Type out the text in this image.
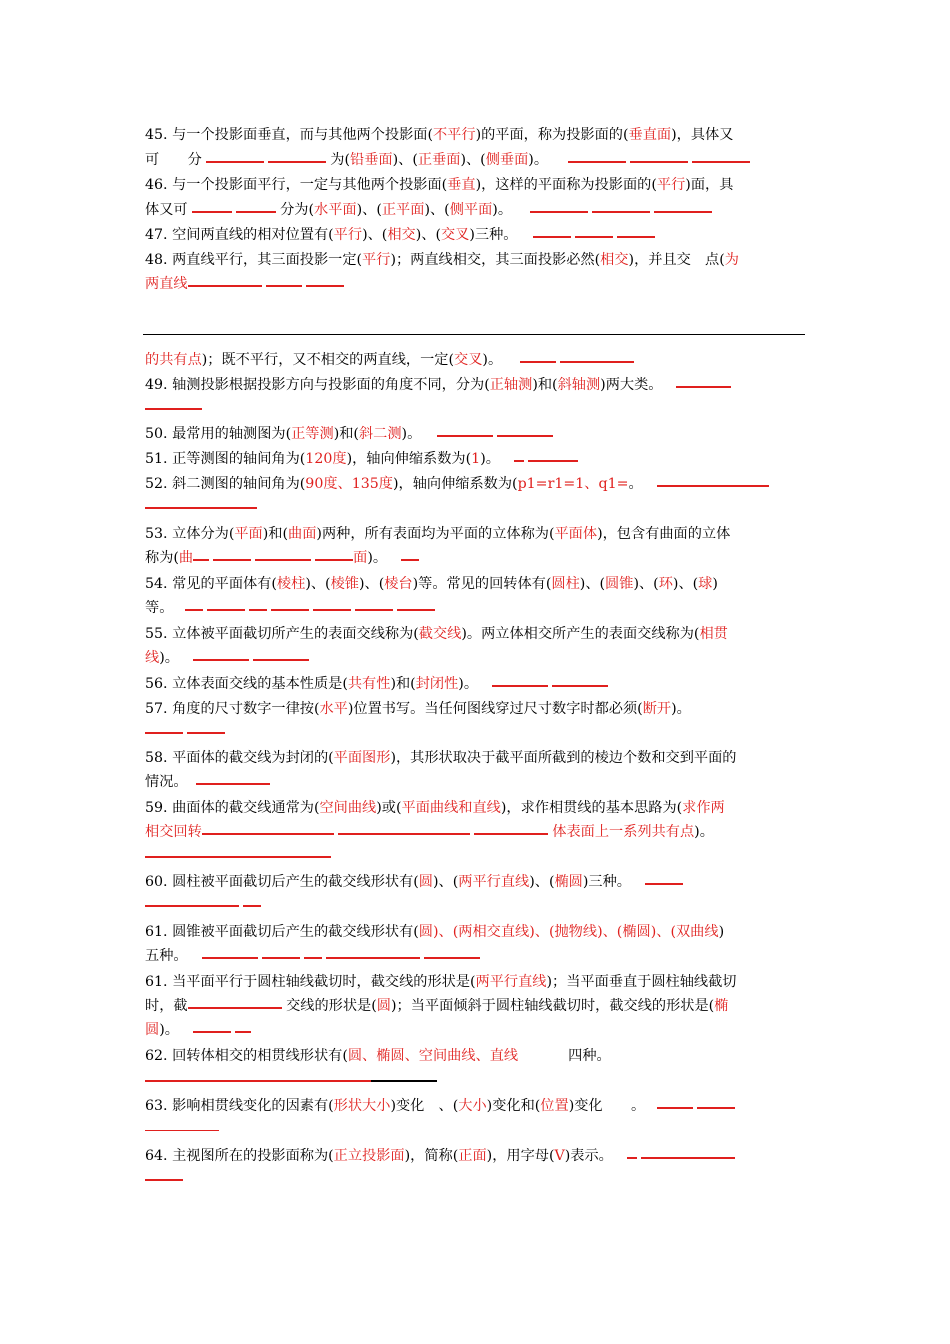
45. 与一个投影面垂直，而与其他两个投影面(不平行)的平面，称为投影面的(垂直面)，具体又
可　　分	为(铅垂面)、(正垂面)、(侧垂面)。
46. 与一个投影面平行，一定与其他两个投影面(垂直)，这样的平面称为投影面的(平行)面，具
体又可	分为(水平面)、(正平面)、(侧平面)。
47. 空间两直线的相对位置有(平行)、(相交)、(交叉)三种。
48. 两直线平行，其三面投影一定(平行)；两直线相交，其三面投影必然(相交)，并且交　点(为
两直线
的共有点)；既不平行，又不相交的两直线，一定(交叉)。
49. 轴测投影根据投影方向与投影面的角度不同，分为(正轴测)和(斜轴测)两大类。
50. 最常用的轴测图为(正等测)和(斜二测)。
51. 正等测图的轴间角为(120度)，轴向伸缩系数为(1)。
52. 斜二测图的轴间角为(90度、135度)，轴向伸缩系数为(p1=r1=1、q1=。
53. 立体分为(平面)和(曲面)两种，所有表面均为平面的立体称为(平面体)，包含有曲面的立体
称为(曲	面)。
54. 常见的平面体有(棱柱)、(棱锥)、(棱台)等。常见的回转体有(圆柱)、(圆锥)、(环)、(球)
等。
55. 立体被平面截切所产生的表面交线称为(截交线)。两立体相交所产生的表面交线称为(相贯
线)。
56. 立体表面交线的基本性质是(共有性)和(封闭性)。
57. 角度的尺寸数字一律按(水平)位置书写。当任何图线穿过尺寸数字时都必须(断开)。
58. 平面体的截交线为封闭的(平面图形)，其形状取决于截平面所截到的棱边个数和交到平面的
情况。
59. 曲面体的截交线通常为(空间曲线)或(平面曲线和直线)，求作相贯线的基本思路为(求作两
相交回转	体表面上一系列共有点)。
60. 圆柱被平面截切后产生的截交线形状有(圆)、(两平行直线)、(椭圆)三种。
61. 圆锥被平面截切后产生的截交线形状有(圆)、(两相交直线)、(抛物线)、(椭圆)、(双曲线)
五种。
61. 当平面平行于圆柱轴线截切时，截交线的形状是(两平行直线)；当平面垂直于圆柱轴线截切
时，截	交线的形状是(圆)；当平面倾斜于圆柱轴线截切时，截交线的形状是(椭
圆)。
62. 回转体相交的相贯线形状有(圆、椭圆、空间曲线、直线	四种。
63. 影响相贯线变化的因素有(形状大小)变化　、(大小)变化和(位置)变化　　。
64. 主视图所在的投影面称为(正立投影面)，简称(正面)，用字母(V)表示。
